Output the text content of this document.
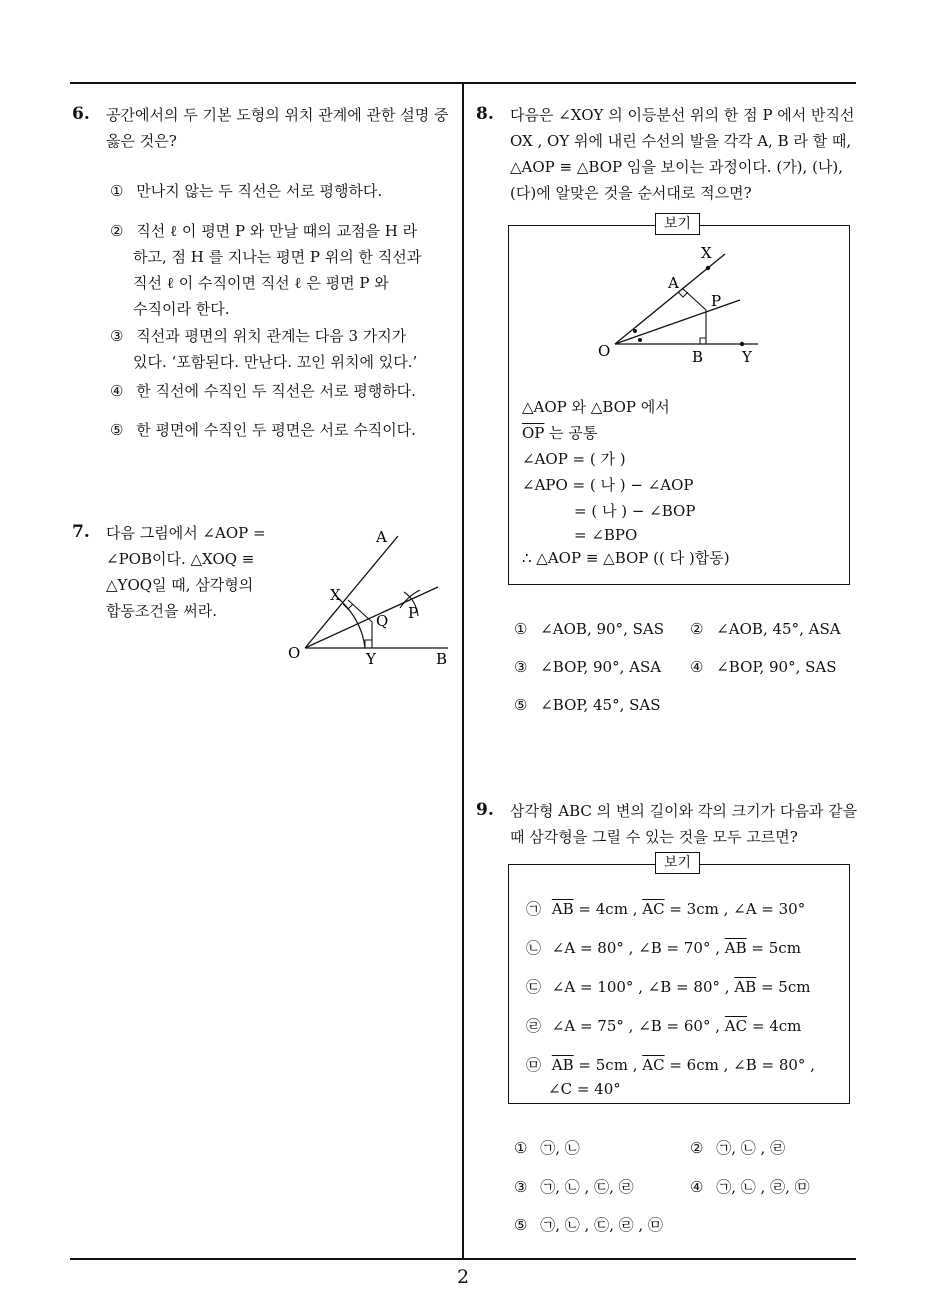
6. 공간에서의 두 기본 도형의 위치 관계에 관한 설명 중
옳은 것은?
① 만나지 않는 두 직선은 서로 평행하다.
② 직선 ℓ 이 평면 P 와 만날 때의 교점을 H 라
하고, 점 H 를 지나는 평면 P 위의 한 직선과
직선 ℓ 이 수직이면 직선 ℓ 은 평면 P 와
수직이라 한다.
③ 직선과 평면의 위치 관계는 다음 3 가지가
있다. ‘포함된다. 만난다. 꼬인 위치에 있다.’
④ 한 직선에 수직인 두 직선은 서로 평행하다.
⑤ 한 평면에 수직인 두 평면은 서로 수직이다.
7. 다음 그림에서 ∠AOP =
∠POB이다. △XOQ ≡
△YOQ일 때, 삼각형의
합동조건을 써라.
A
X
Q P
O	Y	B
8. 다음은 ∠XOY 의 이등분선 위의 한 점 P 에서 반직선
OX , OY 위에 내린 수선의 발을 각각 A, B 라 할 때,
△AOP ≡ △BOP 임을 보이는 과정이다. (가), (나),
(다)에 알맞은 것을 순서대로 적으면?
보기
X
A
P
O	B	Y
△AOP 와 △BOP 에서
$\overline{OP}$ 는 공통
∠AOP = ( 가 )
∠APO = ( 나 ) − ∠AOP
= ( 나 ) − ∠BOP
= ∠BPO
∴ △AOP ≡ △BOP (( 다 )합동)
① ∠AOB, 90°, SAS ② ∠AOB, 45°, ASA
③ ∠BOP, 90°, ASA ④ ∠BOP, 90°, SAS
⑤ ∠BOP, 45°, SAS
9. 삼각형 ABC 의 변의 길이와 각의 크기가 다음과 같을
때 삼각형을 그릴 수 있는 것을 모두 고르면?
보기
㉠ $\overline{AB} = 4cm$ , $\overline{AC} = 3cm$ , ∠A = 30°
㉡ ∠A = 80° , ∠B = 70° , $\overline{AB} = 5cm$
㉢ ∠A = 100° , ∠B = 80° , $\overline{AB} = 5cm$
㉣ ∠A = 75° , ∠B = 60° , $\overline{AC} = 4cm$
㉤ $\overline{AB} = 5cm$ , $\overline{AC} = 6cm$ , ∠B = 80° ,
∠C = 40°
① ㉠, ㉡	② ㉠, ㉡ , ㉣
③ ㉠, ㉡ , ㉢, ㉣	④ ㉠, ㉡ , ㉣, ㉤
⑤ ㉠, ㉡ , ㉢, ㉣ , ㉤
2
